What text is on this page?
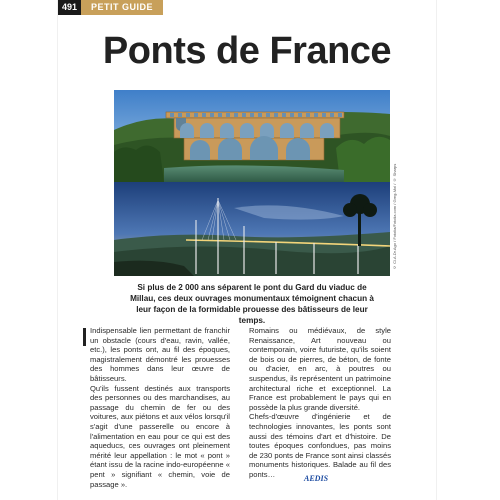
491	PETIT GUIDE
Ponts de France
© Cl.A.Dr.Ago / Fotolia/Fotolia.com / Greg-Mol / © Sharps
Si plus de 2 000 ans séparent le pont du Gard du viaduc de Millau, ces deux ouvrages monumentaux témoignent chacun à leur façon de la formidable prouesse des bâtisseurs de leur temps.

Indispensable lien permettant de franchir un obstacle (cours d'eau, ravin, vallée, etc.), les ponts ont, au fil des époques, magistralement démontré les prouesses des hommes dans leur œuvre de bâtisseurs.

Qu'ils fussent destinés aux transports des personnes ou des marchandises, au passage du chemin de fer ou des voitures, aux piétons et aux vélos lorsqu'il s'agit d'une passerelle ou encore à l'alimentation en eau pour ce qui est des aqueducs, ces ouvrages ont pleinement mérité leur appellation : le mot « pont » étant issu de la racine indo-européenne « pent » signifiant « chemin, voie de passage ».

Romains ou médiévaux, de style Renaissance, Art nouveau ou contemporain, voire futuriste, qu'ils soient de bois ou de pierres, de béton, de fonte ou d'acier, en arc, à poutres ou suspendus, ils représentent un patrimoine architectural riche et exceptionnel. La France est probablement le pays qui en possède la plus grande diversité.

Chefs-d'œuvre d'ingénierie et de technologies innovantes, les ponts sont aussi des témoins d'art et d'histoire. De toutes époques confondues, pas moins de 230 ponts de France sont ainsi classés monuments historiques. Balade au fil des ponts…	AEDIS
